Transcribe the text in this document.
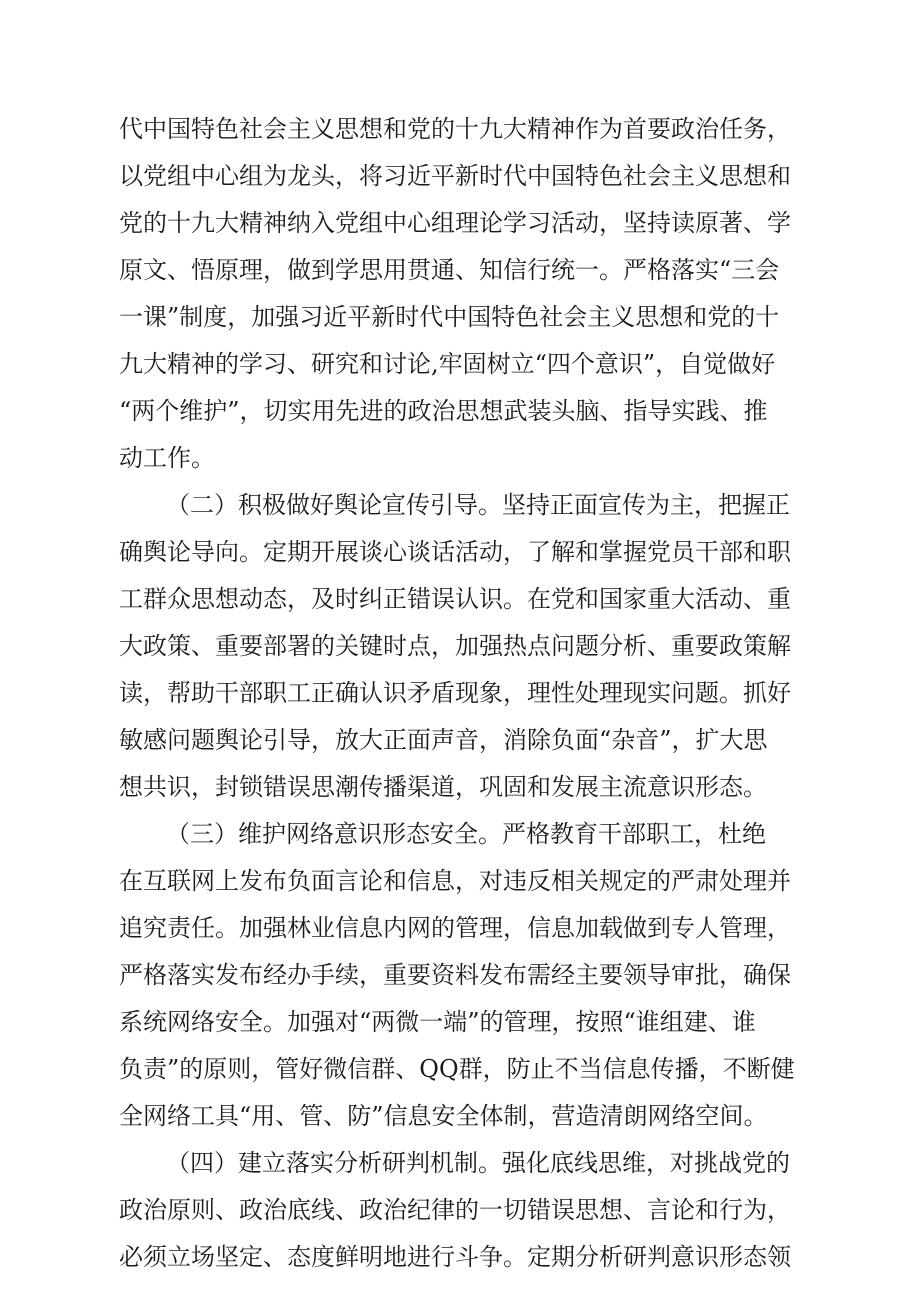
代中国特色社会主义思想和党的十九大精神作为首要政治任务，
以党组中心组为龙头，将习近平新时代中国特色社会主义思想和
党的十九大精神纳入党组中心组理论学习活动，坚持读原著、学
原文、悟原理，做到学思用贯通、知信行统一。严格落实“三会
一课”制度，加强习近平新时代中国特色社会主义思想和党的十
九大精神的学习、研究和讨论,牢固树立“四个意识”，自觉做好
“两个维护”，切实用先进的政治思想武装头脑、指导实践、推
动工作。
（二）积极做好舆论宣传引导。坚持正面宣传为主，把握正
确舆论导向。定期开展谈心谈话活动，了解和掌握党员干部和职
工群众思想动态，及时纠正错误认识。在党和国家重大活动、重
大政策、重要部署的关键时点，加强热点问题分析、重要政策解
读，帮助干部职工正确认识矛盾现象，理性处理现实问题。抓好
敏感问题舆论引导，放大正面声音，消除负面“杂音”，扩大思
想共识，封锁错误思潮传播渠道，巩固和发展主流意识形态。
（三）维护网络意识形态安全。严格教育干部职工，杜绝
在互联网上发布负面言论和信息，对违反相关规定的严肃处理并
追究责任。加强林业信息内网的管理，信息加载做到专人管理，
严格落实发布经办手续，重要资料发布需经主要领导审批，确保
系统网络安全。加强对“两微一端”的管理，按照“谁组建、谁
负责”的原则，管好微信群、QQ群，防止不当信息传播，不断健
全网络工具“用、管、防”信息安全体制，营造清朗网络空间。
（四）建立落实分析研判机制。强化底线思维，对挑战党的
政治原则、政治底线、政治纪律的一切错误思想、言论和行为，
必须立场坚定、态度鲜明地进行斗争。定期分析研判意识形态领
